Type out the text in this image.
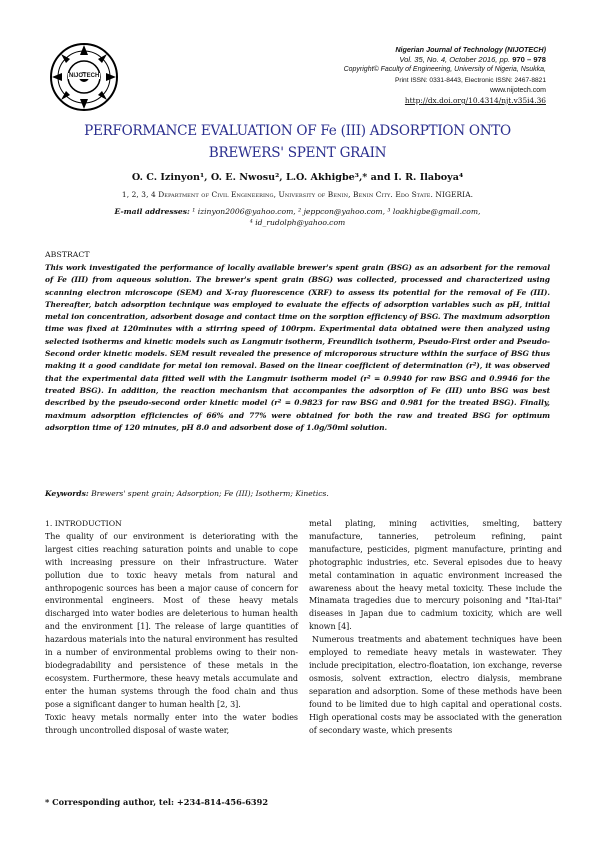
NIJOTECH
Nigerian Journal of Technology (NIJOTECH)
Vol. 35, No. 4, October 2016, pp. 970 – 978
Copyright© Faculty of Engineering, University of Nigeria, Nsukka,
Print ISSN: 0331-8443, Electronic ISSN: 2467-8821
www.nijotech.com
http://dx.doi.org/10.4314/njt.v35i4.36
PERFORMANCE EVALUATION OF Fe (III) ADSORPTION ONTO
BREWERS' SPENT GRAIN
O. C. Izinyon¹, O. E. Nwosu², L.O. Akhigbe³,* and I. R. Ilaboya⁴
1, 2, 3, 4 Department of Civil Engineering, University of Benin, Benin City. Edo State. NIGERIA.
E-mail addresses: ¹ izinyon2006@yahoo.com, ² jeppcon@yahoo.com, ³ loakhigbe@gmail.com,
⁴ id_rudolph@yahoo.com
ABSTRACT

This work investigated the performance of locally available brewer's spent grain (BSG) as an adsorbent for the removal of Fe (III) from aqueous solution. The brewer's spent grain (BSG) was collected, processed and characterized using scanning electron microscope (SEM) and X-ray fluorescence (XRF) to assess its potential for the removal of Fe (III). Thereafter, batch adsorption technique was employed to evaluate the effects of adsorption variables such as pH, initial metal ion concentration, adsorbent dosage and contact time on the sorption efficiency of BSG. The maximum adsorption time was fixed at 120minutes with a stirring speed of 100rpm. Experimental data obtained were then analyzed using selected isotherms and kinetic models such as Langmuir isotherm, Freundlich isotherm, Pseudo-First order and Pseudo-Second order kinetic models. SEM result revealed the presence of microporous structure within the surface of BSG thus making it a good candidate for metal ion removal. Based on the linear coefficient of determination (r²), it was observed that the experimental data fitted well with the Langmuir isotherm model (r² = 0.9940 for raw BSG and 0.9946 for the treated BSG). In addition, the reaction mechanism that accompanies the adsorption of Fe (III) unto BSG was best described by the pseudo-second order kinetic model (r² = 0.9823 for raw BSG and 0.981 for the treated BSG). Finally, maximum adsorption efficiencies of 66% and 77% were obtained for both the raw and treated BSG for optimum adsorption time of 120 minutes, pH 8.0 and adsorbent dose of 1.0g/50ml solution.

Keywords: Brewers' spent grain; Adsorption; Fe (III); Isotherm; Kinetics.

1. INTRODUCTION

The quality of our environment is deteriorating with the largest cities reaching saturation points and unable to cope with increasing pressure on their infrastructure. Water pollution due to toxic heavy metals from natural and anthropogenic sources has been a major cause of concern for environmental engineers. Most of these heavy metals discharged into water bodies are deleterious to human health and the environment [1]. The release of large quantities of hazardous materials into the natural environment has resulted in a number of environmental problems owing to their non-biodegradability and persistence of these metals in the ecosystem. Furthermore, these heavy metals accumulate and enter the human systems through the food chain and thus pose a significant danger to human health [2, 3].

Toxic heavy metals normally enter into the water bodies through uncontrolled disposal of waste water,

metal plating, mining activities, smelting, battery manufacture, tanneries, petroleum refining, paint manufacture, pesticides, pigment manufacture, printing and photographic industries, etc. Several episodes due to heavy metal contamination in aquatic environment increased the awareness about the heavy metal toxicity. These include the Minamata tragedies due to mercury poisoning and "Itai-Itai" diseases in Japan due to cadmium toxicity, which are well known [4].

Numerous treatments and abatement techniques have been employed to remediate heavy metals in wastewater. They include precipitation, electro-floatation, ion exchange, reverse osmosis, solvent extraction, electro dialysis, membrane separation and adsorption. Some of these methods have been found to be limited due to high capital and operational costs. High operational costs may be associated with the generation of secondary waste, which presents

* Corresponding author, tel: +234-814-456-6392
